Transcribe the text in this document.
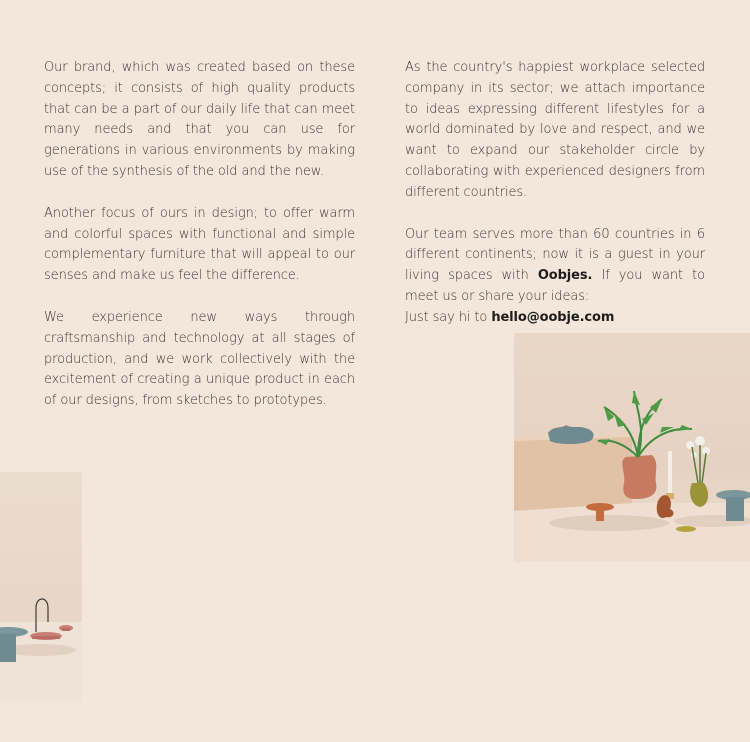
Our brand, which was created based on these concepts; it consists of high quality products that can be a part of our daily life that can meet many needs and that you can use for generations in various environments by making use of the synthesis of the old and the new.

Another focus of ours in design; to offer warm and colorful spaces with functional and simple complementary furniture that will appeal to our senses and make us feel the difference.

We experience new ways through craftsmanship and technology at all stages of production, and we work collectively with the excitement of creating a unique product in each of our designs, from sketches to prototypes.

As the country's happiest workplace selected company in its sector; we attach importance to ideas expressing different lifestyles for a world dominated by love and respect, and we want to expand our stakeholder circle by collaborating with experienced designers from different countries.

Our team serves more than 60 countries in 6 different continents; now it is a guest in your living spaces with Oobjes. If you want to meet us or share your ideas:
Just say hi to hello@oobje.com
